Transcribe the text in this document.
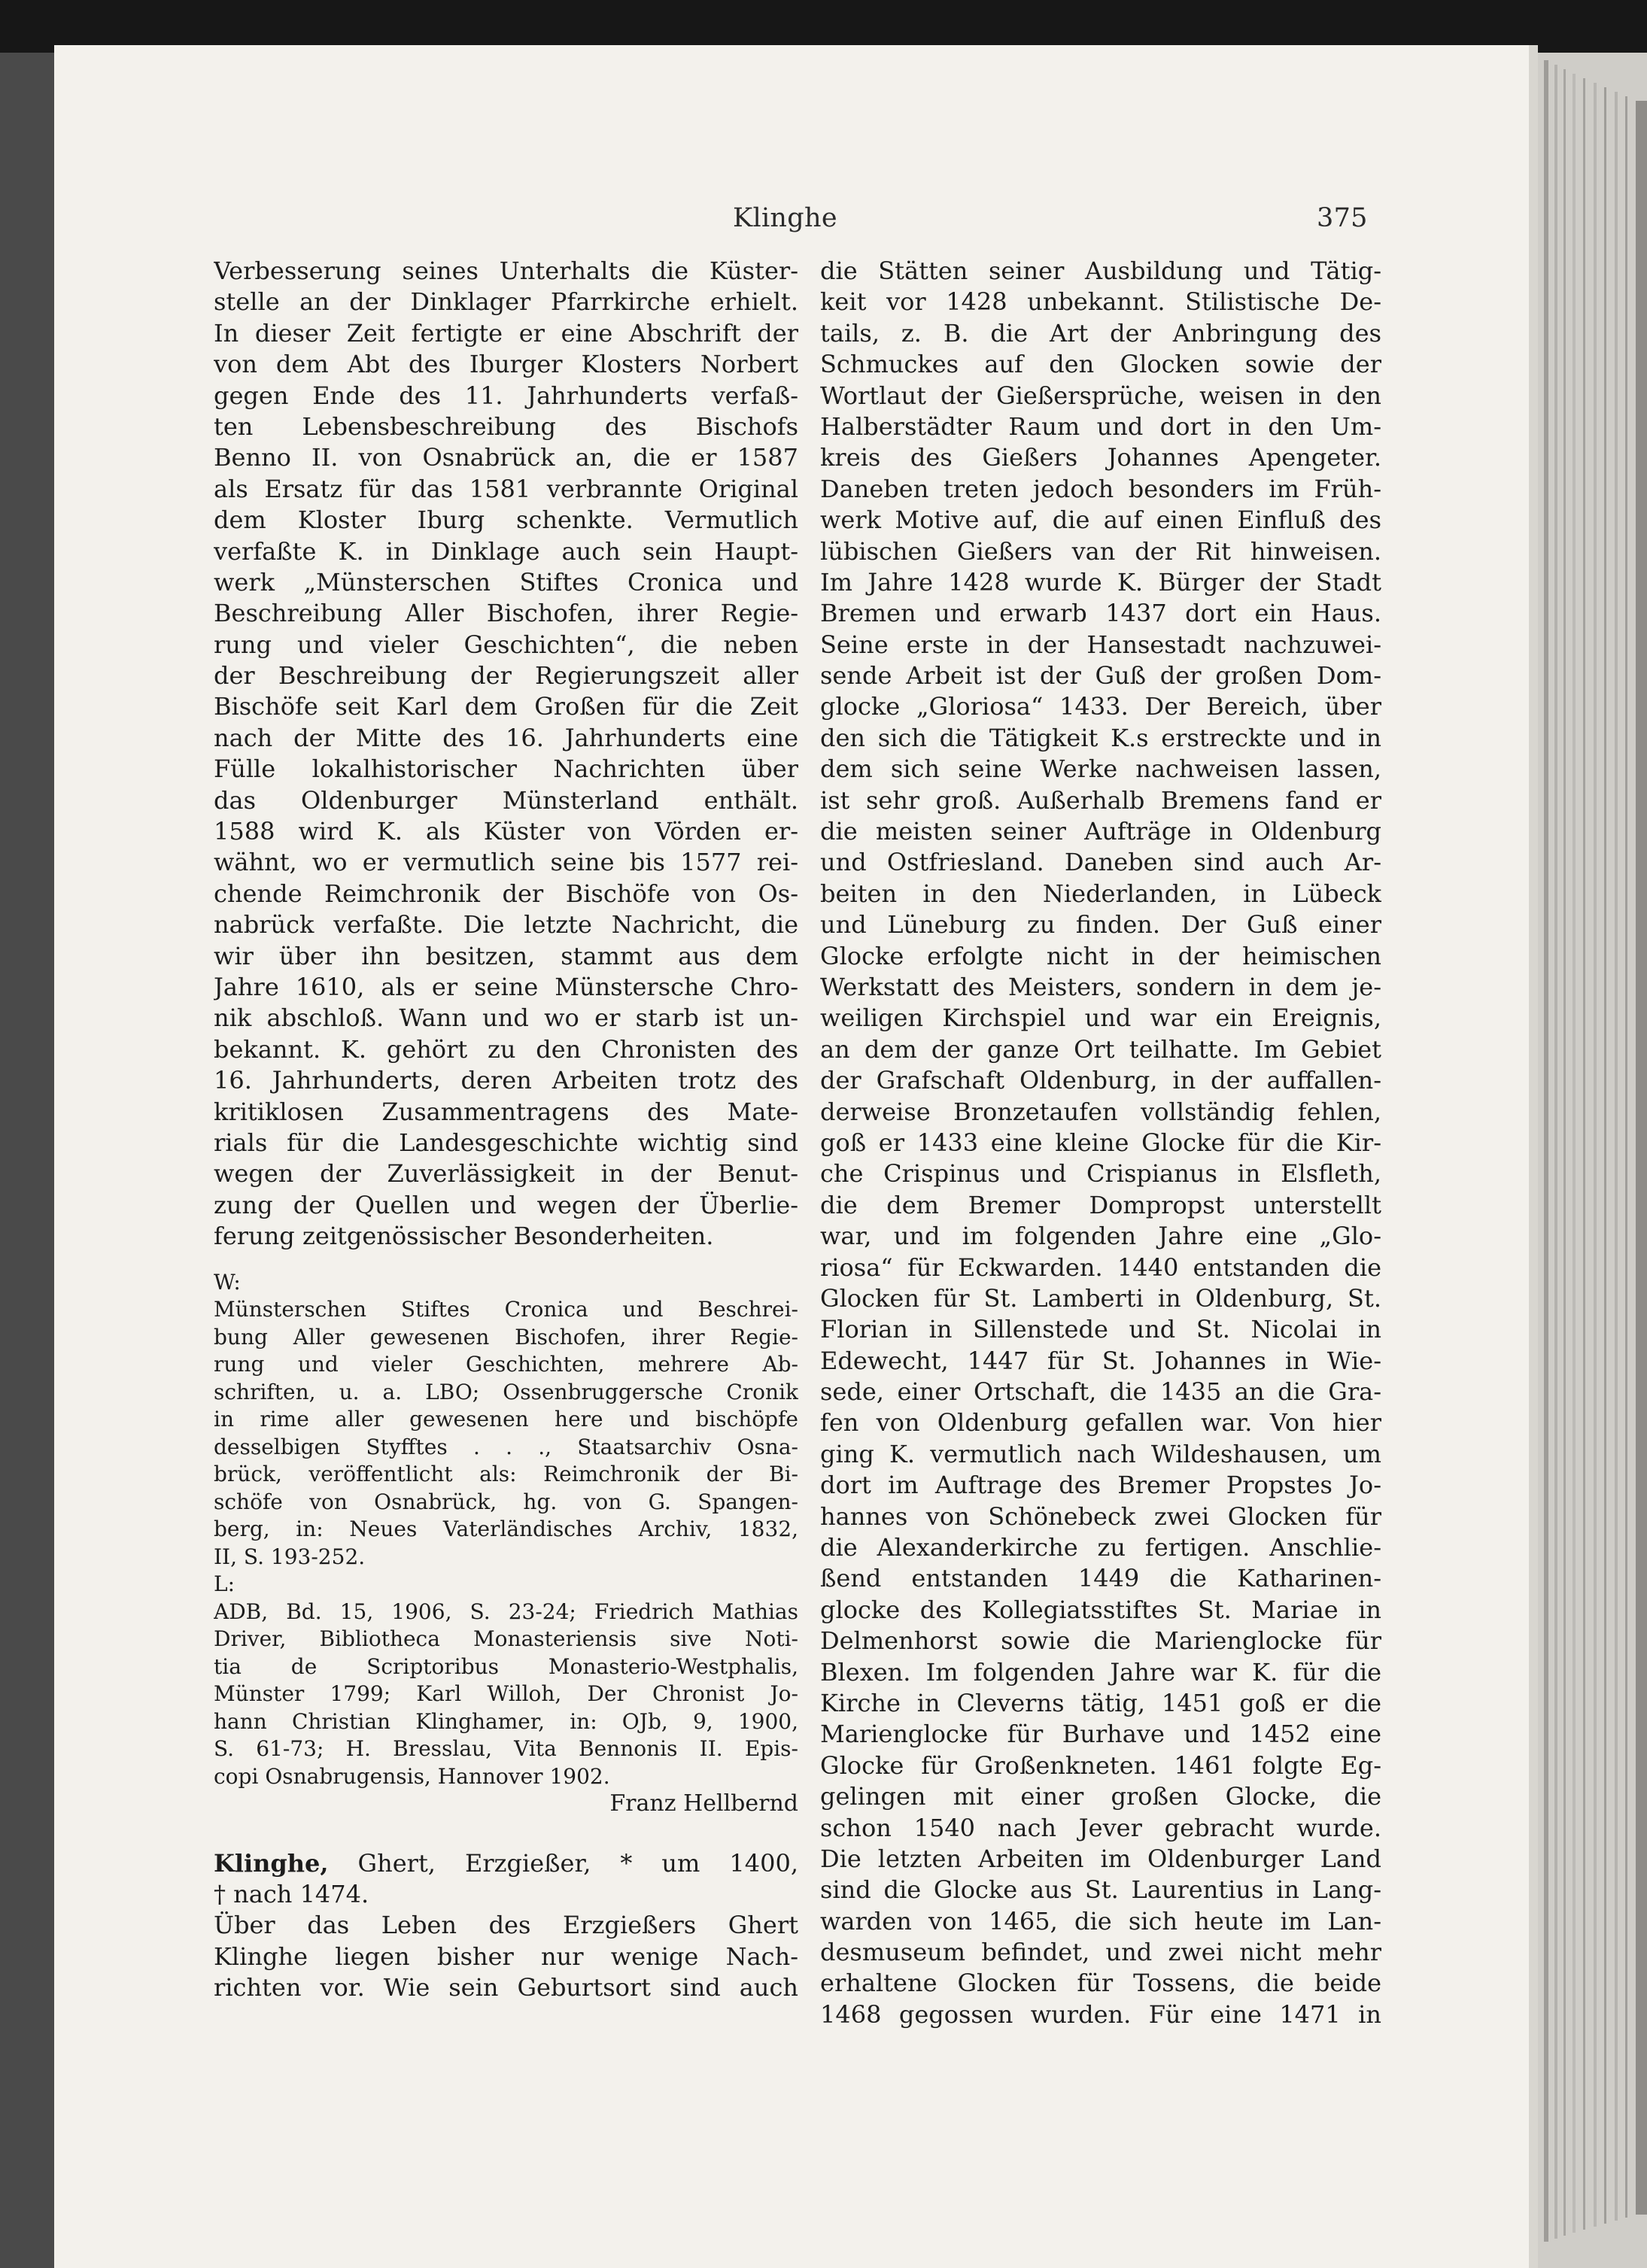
Klinghe	375
Verbesserung seines Unterhalts die Küster-
stelle an der Dinklager Pfarrkirche erhielt.
In dieser Zeit fertigte er eine Abschrift der
von dem Abt des Iburger Klosters Norbert
gegen Ende des 11. Jahrhunderts verfaß-
ten Lebensbeschreibung des Bischofs
Benno II. von Osnabrück an, die er 1587
als Ersatz für das 1581 verbrannte Original
dem Kloster Iburg schenkte. Vermutlich
verfaßte K. in Dinklage auch sein Haupt-
werk „Münsterschen Stiftes Cronica und
Beschreibung Aller Bischofen, ihrer Regie-
rung und vieler Geschichten“, die neben
der Beschreibung der Regierungszeit aller
Bischöfe seit Karl dem Großen für die Zeit
nach der Mitte des 16. Jahrhunderts eine
Fülle lokalhistorischer Nachrichten über
das Oldenburger Münsterland enthält.
1588 wird K. als Küster von Vörden er-
wähnt, wo er vermutlich seine bis 1577 rei-
chende Reimchronik der Bischöfe von Os-
nabrück verfaßte. Die letzte Nachricht, die
wir über ihn besitzen, stammt aus dem
Jahre 1610, als er seine Münstersche Chro-
nik abschloß. Wann und wo er starb ist un-
bekannt. K. gehört zu den Chronisten des
16. Jahrhunderts, deren Arbeiten trotz des
kritiklosen Zusammentragens des Mate-
rials für die Landesgeschichte wichtig sind
wegen der Zuverlässigkeit in der Benut-
zung der Quellen und wegen der Überlie-
ferung zeitgenössischer Besonderheiten.
W:
Münsterschen Stiftes Cronica und Beschrei-
bung Aller gewesenen Bischofen, ihrer Regie-
rung und vieler Geschichten, mehrere Ab-
schriften, u. a. LBO; Ossenbruggersche Cronik
in rime aller gewesenen here und bischöpfe
desselbigen Styfftes . . ., Staatsarchiv Osna-
brück, veröffentlicht als: Reimchronik der Bi-
schöfe von Osnabrück, hg. von G. Spangen-
berg, in: Neues Vaterländisches Archiv, 1832,
II, S. 193-252.
L:
ADB, Bd. 15, 1906, S. 23-24; Friedrich Mathias
Driver, Bibliotheca Monasteriensis sive Noti-
tia de Scriptoribus Monasterio-Westphalis,
Münster 1799; Karl Willoh, Der Chronist Jo-
hann Christian Klinghamer, in: OJb, 9, 1900,
S. 61-73; H. Bresslau, Vita Bennonis II. Epis-
copi Osnabrugensis, Hannover 1902.
Franz Hellbernd
Klinghe, Ghert, Erzgießer, * um 1400,
† nach 1474.
Über das Leben des Erzgießers Ghert
Klinghe liegen bisher nur wenige Nach-
richten vor. Wie sein Geburtsort sind auch
die Stätten seiner Ausbildung und Tätig-
keit vor 1428 unbekannt. Stilistische De-
tails, z. B. die Art der Anbringung des
Schmuckes auf den Glocken sowie der
Wortlaut der Gießersprüche, weisen in den
Halberstädter Raum und dort in den Um-
kreis des Gießers Johannes Apengeter.
Daneben treten jedoch besonders im Früh-
werk Motive auf, die auf einen Einfluß des
lübischen Gießers van der Rit hinweisen.
Im Jahre 1428 wurde K. Bürger der Stadt
Bremen und erwarb 1437 dort ein Haus.
Seine erste in der Hansestadt nachzuwei-
sende Arbeit ist der Guß der großen Dom-
glocke „Gloriosa“ 1433. Der Bereich, über
den sich die Tätigkeit K.s erstreckte und in
dem sich seine Werke nachweisen lassen,
ist sehr groß. Außerhalb Bremens fand er
die meisten seiner Aufträge in Oldenburg
und Ostfriesland. Daneben sind auch Ar-
beiten in den Niederlanden, in Lübeck
und Lüneburg zu finden. Der Guß einer
Glocke erfolgte nicht in der heimischen
Werkstatt des Meisters, sondern in dem je-
weiligen Kirchspiel und war ein Ereignis,
an dem der ganze Ort teilhatte. Im Gebiet
der Grafschaft Oldenburg, in der auffallen-
derweise Bronzetaufen vollständig fehlen,
goß er 1433 eine kleine Glocke für die Kir-
che Crispinus und Crispianus in Elsfleth,
die dem Bremer Dompropst unterstellt
war, und im folgenden Jahre eine „Glo-
riosa“ für Eckwarden. 1440 entstanden die
Glocken für St. Lamberti in Oldenburg, St.
Florian in Sillenstede und St. Nicolai in
Edewecht, 1447 für St. Johannes in Wie-
sede, einer Ortschaft, die 1435 an die Gra-
fen von Oldenburg gefallen war. Von hier
ging K. vermutlich nach Wildeshausen, um
dort im Auftrage des Bremer Propstes Jo-
hannes von Schönebeck zwei Glocken für
die Alexanderkirche zu fertigen. Anschlie-
ßend entstanden 1449 die Katharinen-
glocke des Kollegiatsstiftes St. Mariae in
Delmenhorst sowie die Marienglocke für
Blexen. Im folgenden Jahre war K. für die
Kirche in Cleverns tätig, 1451 goß er die
Marienglocke für Burhave und 1452 eine
Glocke für Großenkneten. 1461 folgte Eg-
gelingen mit einer großen Glocke, die
schon 1540 nach Jever gebracht wurde.
Die letzten Arbeiten im Oldenburger Land
sind die Glocke aus St. Laurentius in Lang-
warden von 1465, die sich heute im Lan-
desmuseum befindet, und zwei nicht mehr
erhaltene Glocken für Tossens, die beide
1468 gegossen wurden. Für eine 1471 in
